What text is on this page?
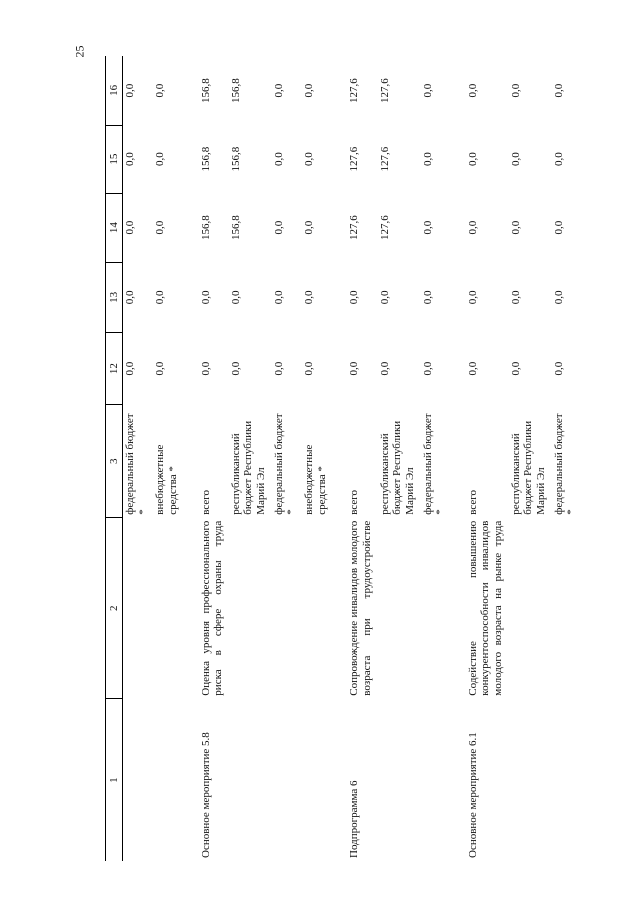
25
1	2	3	12	13	14	15	16
		федеральный бюджет *	0,0	0,0	0,0	0,0	0,0
		внебюджетные средства *	0,0	0,0	0,0	0,0	0,0
Основное мероприятие 5.8	Оценка уровня профессионального риска в сфере охраны труда	всего	0,0	0,0	156,8	156,8	156,8
		республиканский бюджет Республики Марий Эл	0,0	0,0	156,8	156,8	156,8
		федеральный бюджет *	0,0	0,0	0,0	0,0	0,0
		внебюджетные средства *	0,0	0,0	0,0	0,0	0,0
Подпрограмма 6	Сопровождение инвалидов молодого возраста при трудоустройстве	всего	0,0	0,0	127,6	127,6	127,6
		республиканский бюджет Республики Марий Эл	0,0	0,0	127,6	127,6	127,6
		федеральный бюджет *	0,0	0,0	0,0	0,0	0,0
Основное мероприятие 6.1	Содействие повышению конкурентоспособности инвалидов молодого возраста на рынке труда	всего	0,0	0,0	0,0	0,0	0,0
		республиканский бюджет Республики Марий Эл	0,0	0,0	0,0	0,0	0,0
		федеральный бюджет *	0,0	0,0	0,0	0,0	0,0
